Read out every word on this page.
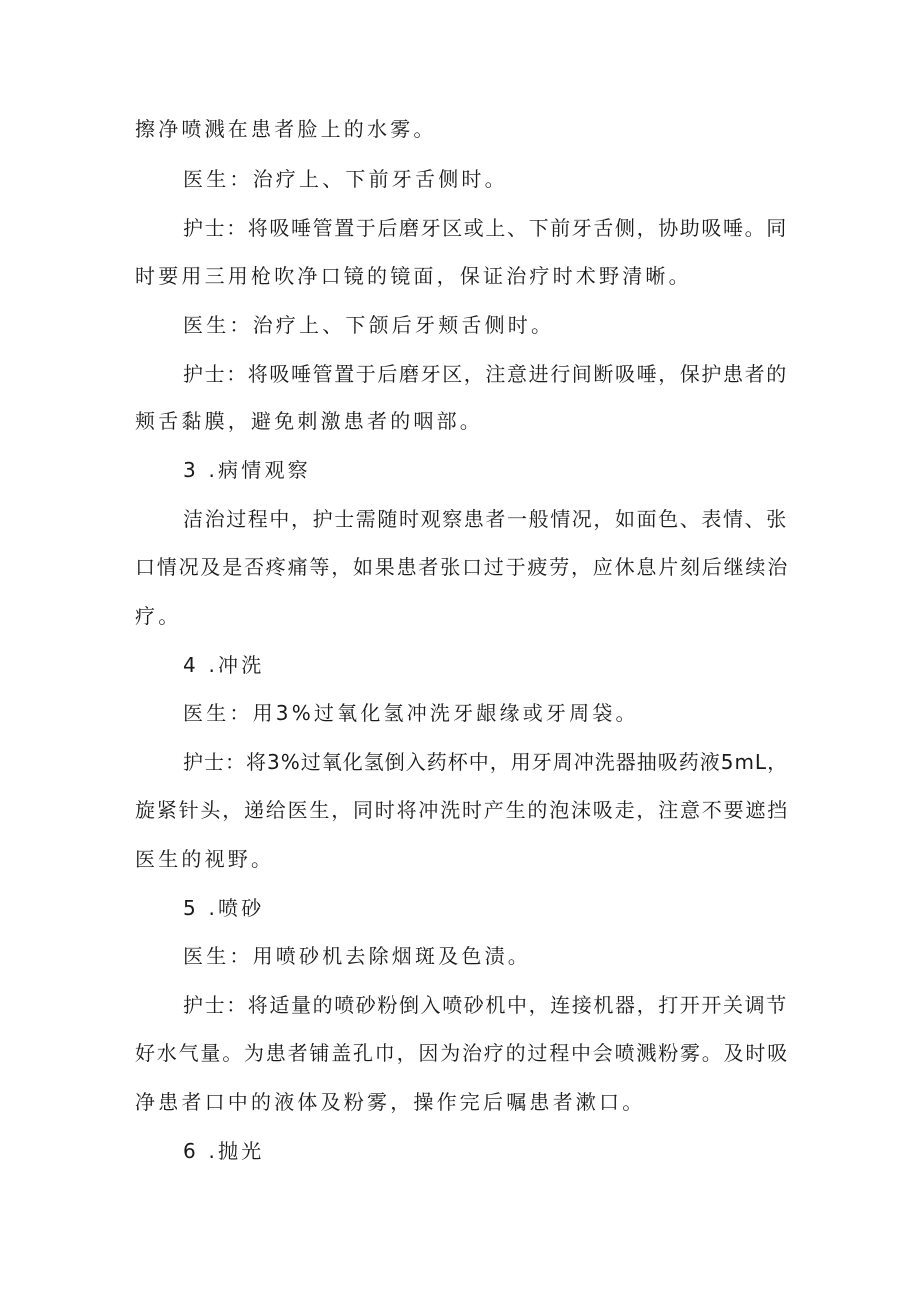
擦净喷溅在患者脸上的水雾。
医生：治疗上、下前牙舌侧时。
护士：将吸唾管置于后磨牙区或上、下前牙舌侧，协助吸唾。同
时要用三用枪吹净口镜的镜面，保证治疗时术野清晰。
医生：治疗上、下颌后牙颊舌侧时。
护士：将吸唾管置于后磨牙区，注意进行间断吸唾，保护患者的
颊舌黏膜，避免刺激患者的咽部。
3 .病情观察
洁治过程中，护士需随时观察患者一般情况，如面色、表情、张
口情况及是否疼痛等，如果患者张口过于疲劳，应休息片刻后继续治
疗。
4 .冲洗
医生：用3%过氧化氢冲洗牙龈缘或牙周袋。
护士：将3%过氧化氢倒入药杯中，用牙周冲洗器抽吸药液5mL，
旋紧针头，递给医生，同时将冲洗时产生的泡沫吸走，注意不要遮挡
医生的视野。
5 .喷砂
医生：用喷砂机去除烟斑及色渍。
护士：将适量的喷砂粉倒入喷砂机中，连接机器，打开开关调节
好水气量。为患者铺盖孔巾，因为治疗的过程中会喷溅粉雾。及时吸
净患者口中的液体及粉雾，操作完后嘱患者漱口。
6 .抛光
